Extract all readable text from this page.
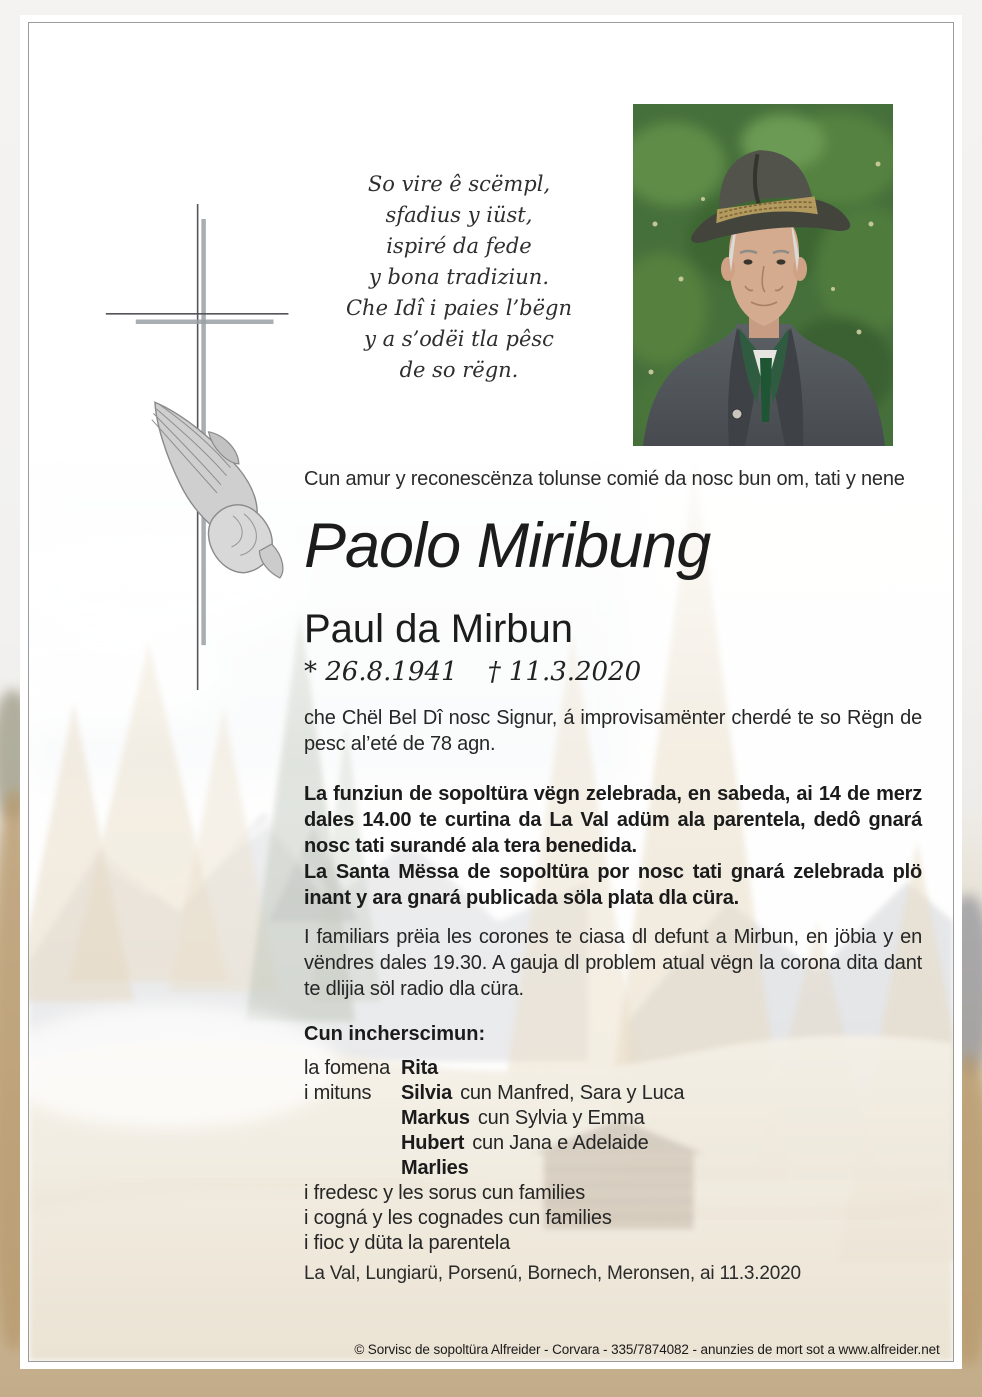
So vire ê scëmpl,
sfadius y iüst,
ispiré da fede
y bona tradiziun.
Che Idî i paies l’bëgn
y a s’odëi tla pêsc
de so rëgn.
Cun amur y reconescënza tolunse comié da nosc bun om, tati y nene
Paolo Miribung
Paul da Mirbun
* 26.8.1941 † 11.3.2020
che Chël Bel Dî nosc Signur, á improvisamënter cherdé te so Rëgn de pesc al’eté de 78 agn.
La funziun de sopoltüra vëgn zelebrada, en sabeda, ai 14 de merz dales 14.00 te curtina da La Val adüm ala parentela, dedô gnará nosc tati surandé ala tera benedida.
La Santa Mëssa de sopoltüra por nosc tati gnará zelebrada plö inant y ara gnará publicada söla plata dla cüra.
I familiars prëia les corones te ciasa dl defunt a Mirbun, en jöbia y en vëndres dales 19.30. A gauja dl problem atual vëgn la corona dita dant te dlijia söl radio dla cüra.
Cun incherscimun:
la fomena Rita
i mituns	Silvia cun Manfred, Sara y Luca
Markus cun Sylvia y Emma
Hubert cun Jana e Adelaide
Marlies
i fredesc y les sorus cun families
i cogná y les cognades cun families
i fioc y düta la parentela
La Val, Lungiarü, Porsenú, Bornech, Meronsen, ai 11.3.2020
© Sorvisc de sopoltüra Alfreider - Corvara - 335/7874082 - anunzies de mort sot a www.alfreider.net
